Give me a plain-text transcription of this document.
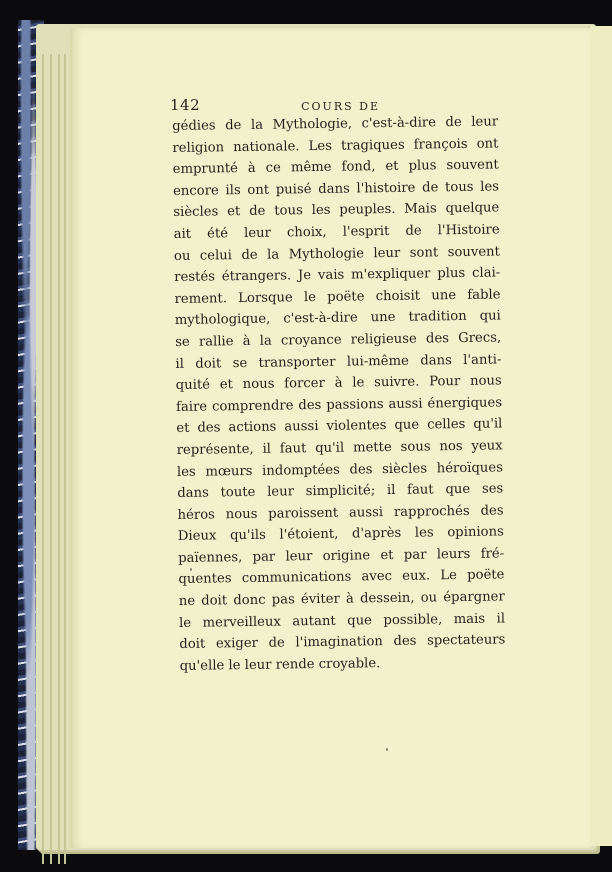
142	COURS DE
gédies de la Mythologie, c'est-à-dire de leur
religion nationale. Les tragiques françois ont
emprunté à ce même fond, et plus souvent
encore ils ont puisé dans l'histoire de tous les
siècles et de tous les peuples. Mais quelque
ait été leur choix, l'esprit de l'Histoire
ou celui de la Mythologie leur sont souvent
restés étrangers. Je vais m'expliquer plus clai-
rement. Lorsque le poëte choisit une fable
mythologique, c'est-à-dire une tradition qui
se rallie à la croyance religieuse des Grecs,
il doit se transporter lui-même dans l'anti-
quité et nous forcer à le suivre. Pour nous
faire comprendre des passions aussi énergiques
et des actions aussi violentes que celles qu'il
représente, il faut qu'il mette sous nos yeux
les mœurs indomptées des siècles héroïques
dans toute leur simplicité; il faut que ses
héros nous paroissent aussi rapprochés des
Dieux qu'ils l'étoient, d'après les opinions
païennes, par leur origine et par leurs fré-
quentes communications avec eux. Le poëte
ne doit donc pas éviter à dessein, ou épargner
le merveilleux autant que possible, mais il
doit exiger de l'imagination des spectateurs
qu'elle le leur rende croyable.
